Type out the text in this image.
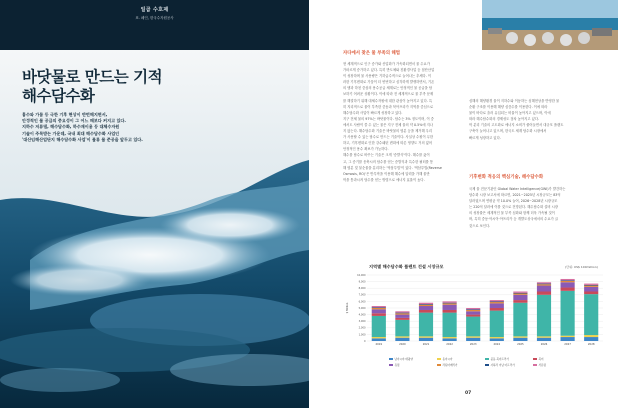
일곱 수호제
표. 페인, 한국수자원공사
바닷물로 만드는 기적
해수담수화
흉수와 가뭄 등 극한 기후 현상이 반번해지면서,
안정적인 물 공급의 중요성이 그 어느 때보다 커지고 있다.
지하수 저류댐, 해수담수화, 하수재이용 등 대체수자원
기술이 주목받는 가운데, 국내 최대 해수담수화 사업인
'대산임해산업단지 해수담수화 사업'이 물류 물 준공을 앞두고 있다.
자다에서 찾은 물 부족의 해법
현 세계적으로 인구 증가와 산업화가 가속화되면서 물 수요가
가파르게 증가하고 있다. 특히 반도체와 친환경사업 등 첨단산업
이 성장하며 물 사용량은 기하급수적으로 늘어나는 추세다. 이
러한 기후변화로 가뭄이 더 빈번하고 심각하게 발생하면서, 기존
의 댐과 하천 중심의 용수공급 체계로는 안정적인 물 공급을 담
보하기 어려운 상황이다. 이에 따라 전 세계적으로 물 부족 문제
를 해결하기 위해 대체수자원에 대한 관심이 높아지고 있다. 특
히 지리적으로 물이 부족한 중동과 북아프리카 지역을 중심으로
해수담수화 사업이 빠르게 성장하고 있다.
지구 전체 물의 97%는 바닷물이다. 담수는 3% 정도이며, 이 중
에서도 사람이 쓸 수 있는 물은 지구 전체 물의 약 0.5%에 지나
지 않는다. 해수담수화 기술은 바닷물의 염분 등을 제거해 우리
가 사용할 수 있는 담수로 만드는 기술이다. 사실상 수원이 무한
하고, 기후변화로 인한 강수패턴 변화에 따른 영향도 거의 없어
안정적인 용수 확보가 가능하다.
해수를 담수로 바꾸는 기술은 크게 '증발식'이다. 해수를 끓이
고, 그 증기를 응축시켜 담수를 얻는 증발식과 특수한 필터를 통
해 염분 및 불순물을 분리하는 '역삼투법'이 있다. '역삼투법(Reverse
Osmosis, RO)'은 반투막을 이용해 해수에 압력을 가해 물만
막을 통과시켜 담수를 얻는 방법으로 에너지 효율이 높다.
심해의 해양환경 물이 지하수와 이동하는 심해현상을 반영한 물
순환 구조를 이용해 해양 심층수를 이용한다. 이에 따라
물이 바다로 흘러 유입되는 비율이 높아지고 있으며, 이에
따라 해수담수화의 경제성도 점차 높아지고 있다.
막 분리 기술의 고도화로 에너지 소비가 줄어들면서 대규모 플랜트
구축이 늘어나고 있으며, 한국도 세계 담수화 시장에서
빠르게 성장하고 있다.
기후변화 적응의 핵심기술, 해수담수화
국제 물 전문기관인 Global Water Intelligence(GWI)가 발간하는
담수화 시장 보고서에 따르면, 2021~2025년 시장규모는 83억
달러였으며 연평균 약 10.0% 늘어, 2026~2028년 시장규모
는 220억 달러에 이를 것으로 전망된다. 해수담수화 설비 시장
의 성장률은 세계적인 물 부족 심화와 함께 더욱 가속될 것이
며, 특히 중동·아시아·아프리카 등 개발도상국에서의 수요가 클
것으로 보인다.
지역별 해수담수화 플랜트 건설 시장규모	(단위: US$ 100million)
$ Million
0
1,000
2,000
3,000
4,000
5,000
6,000
7,000
8,000
9,000
10,000
2019	2020	2021	2022	2023	2024	2025	2026	2027	2028
남아시아·태평양	동아시아	중동·북아프리카	북미
유럽	라틴아메리카	사하라 이남 아프리카	서유럽
07
